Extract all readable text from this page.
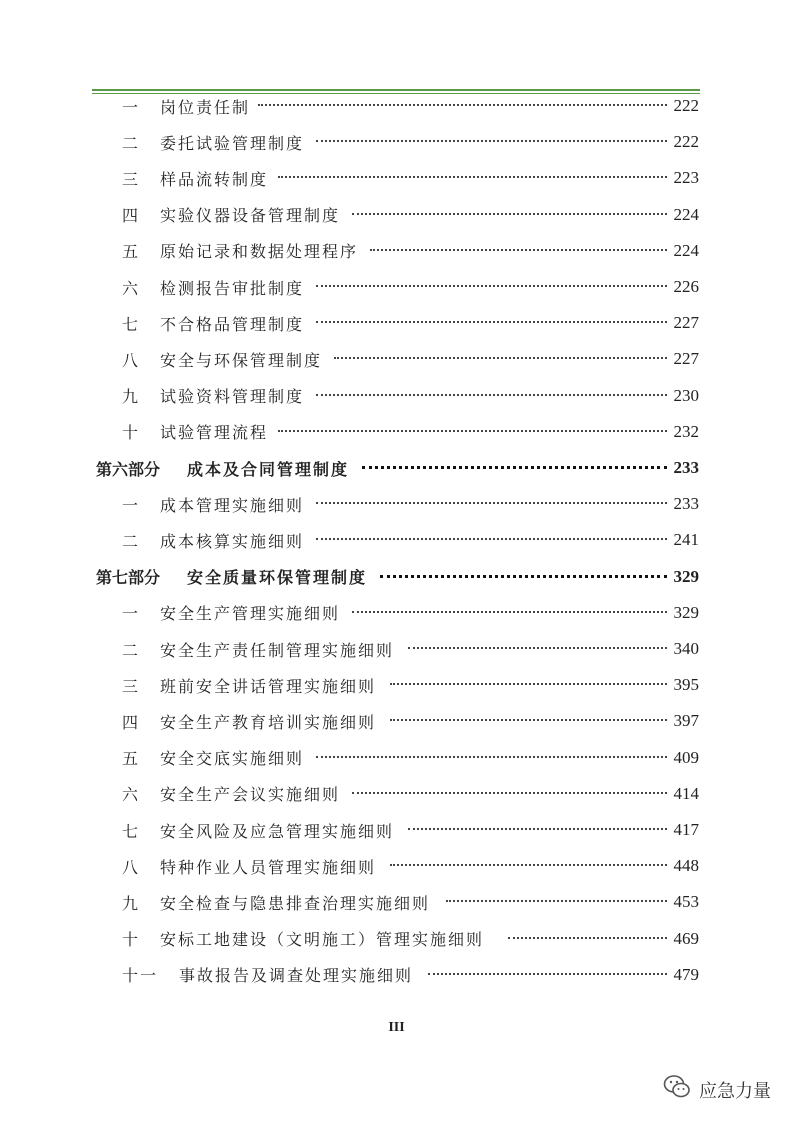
一 岗位责任制	222
二 委托试验管理制度	222
三 样品流转制度	223
四 实验仪器设备管理制度	224
五 原始记录和数据处理程序	224
六 检测报告审批制度	226
七 不合格品管理制度	227
八 安全与环保管理制度	227
九 试验资料管理制度	230
十 试验管理流程	232
第六部分 成本及合同管理制度	233
一 成本管理实施细则	233
二 成本核算实施细则	241
第七部分 安全质量环保管理制度	329
一 安全生产管理实施细则	329
二 安全生产责任制管理实施细则	340
三 班前安全讲话管理实施细则	395
四 安全生产教育培训实施细则	397
五 安全交底实施细则	409
六 安全生产会议实施细则	414
七 安全风险及应急管理实施细则	417
八 特种作业人员管理实施细则	448
九 安全检查与隐患排查治理实施细则	453
十 安标工地建设（文明施工）管理实施细则	469
十一 事故报告及调查处理实施细则	479
III
应急力量
